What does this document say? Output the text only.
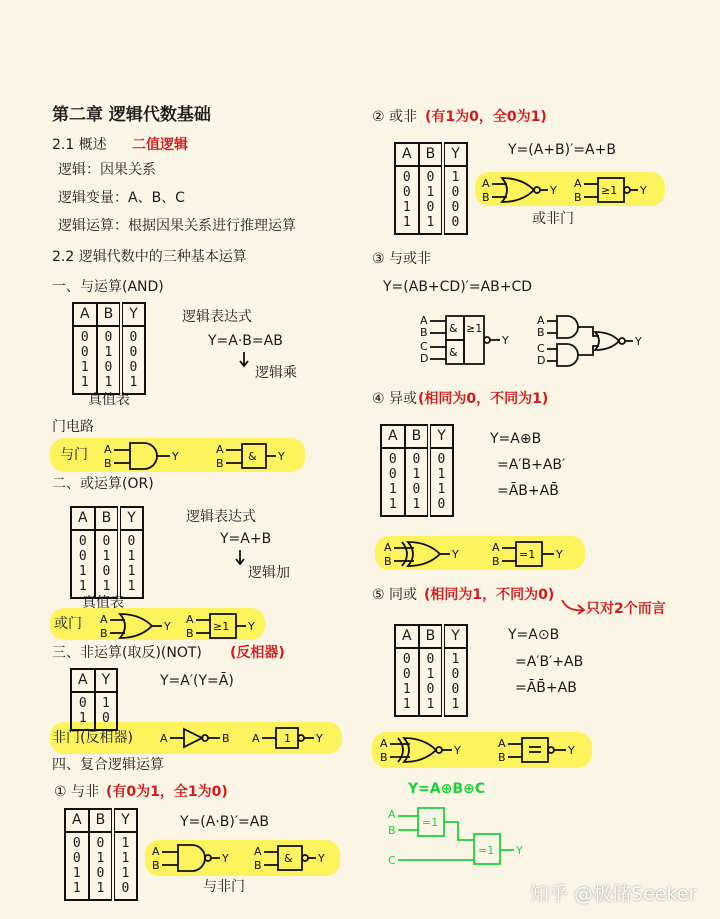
第二章 逻辑代数基础
2.1 概述 二值逻辑
逻辑：因果关系
逻辑变量：A、B、C
逻辑运算：根据因果关系进行推理运算
2.2 逻辑代数中的三种基本运算
一、与运算(AND)
A	B	Y
0	0	0
0	1	0
1	0	0
1	1	1
逻辑表达式
Y=A·B=AB
逻辑乘
真值表
门电路
与门 A
B
Y
A
B
& Y
二、或运算(OR)
A	B	Y
0	0	0
0	1	1
1	0	1
1	1	1
逻辑表达式
Y=A+B
逻辑加
真值表
或门 A
B
Y
A
B
≥1 Y
三、非运算(取反)(NOT) (反相器)
A	Y
0	1
1	0
Y=A′(Y=Ā)
非门(反相器) A	B A 1 Y
四、复合逻辑运算
① 与非 (有0为1，全1为0)
A	B	Y
0	0	1
0	1	1
1	0	1
1	1	0
Y=(A·B)′=AB
A
B
Y
A
B
& Y
与非门
② 或非 (有1为0，全0为1)
A	B	Y
0	0	1
0	1	0
1	0	0
1	1	0
Y=(A+B)′=A+B
A
B
Y
A
B
≥1 Y
或非门
③ 与或非
Y=(AB+CD)′=AB+CD
A
B
C
D
&
&
≥1
Y
A
B
C
D
Y
④ 异或 (相同为0，不同为1)
A	B	Y
0	0	0
0	1	1
1	0	1
1	1	0
Y=A⊕B
=A′B+AB′
=ĀB+AB̄
A
B
Y
A
B
=1 Y
⑤ 同或 (相同为1，不同为0)
只对2个而言
A	B	Y
0	0	1
0	1	0
1	0	0
1	1	1
Y=A⊙B
=A′B′+AB
=ĀB̄+AB
A
B
Y
A
B
Y
Y=A⊕B⊕C
A
B
C
=1
=1 Y
知乎 @极储Seeker
